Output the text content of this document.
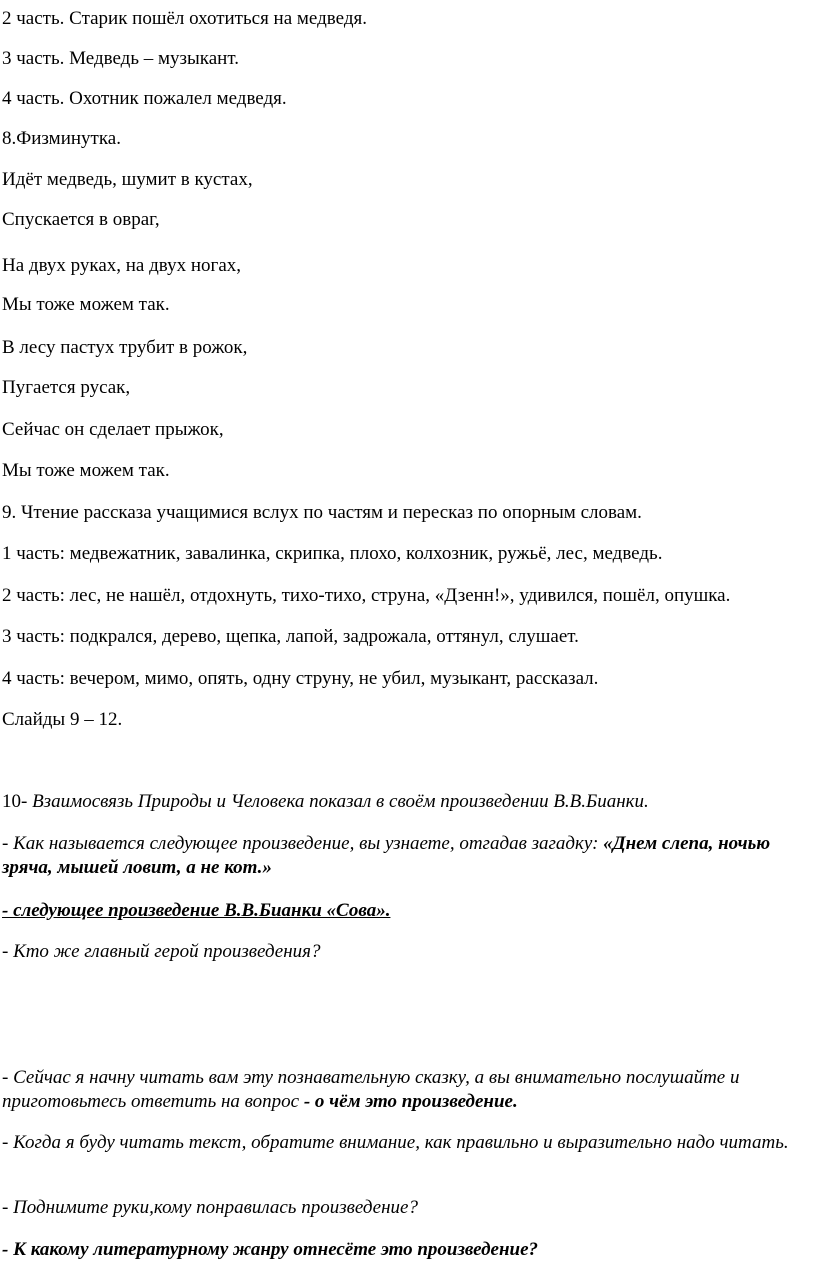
2 часть. Старик пошёл охотиться на медведя.
3 часть. Медведь – музыкант.
4 часть. Охотник пожалел медведя.
8.Физминутка.
Идёт медведь, шумит в кустах,
Спускается в овраг,
На двух руках, на двух ногах,
Мы тоже можем так.
В лесу пастух трубит в рожок,
Пугается русак,
Сейчас он сделает прыжок,
Мы тоже можем так.
9. Чтение рассказа учащимися вслух по частям и пересказ по опорным словам.
1 часть: медвежатник, завалинка, скрипка, плохо, колхозник, ружьё, лес, медведь.
2 часть: лес, не нашёл, отдохнуть, тихо-тихо, струна, «Дзенн!», удивился, пошёл, опушка.
3 часть: подкрался, дерево, щепка, лапой, задрожала, оттянул, слушает.
4 часть: вечером, мимо, опять, одну струну, не убил, музыкант, рассказал.
Слайды 9 – 12.
10- Взаимосвязь Природы и Человека показал в своём произведении В.В.Бианки.
- Как называется следующее произведение, вы узнаете, отгадав загадку: «Днем слепа, ночью зряча, мышей ловит, а не кот.»
- следующее произведение В.В.Бианки «Сова».
- Кто же главный герой произведения?
- Сейчас я начну читать вам эту познавательную сказку, а вы внимательно послушайте и приготовьтесь ответить на вопрос - о чём это произведение.
- Когда я буду читать текст, обратите внимание, как правильно и выразительно надо читать.
- Поднимите руки,кому понравилась произведение?
- К какому литературному жанру отнесёте это произведение?
